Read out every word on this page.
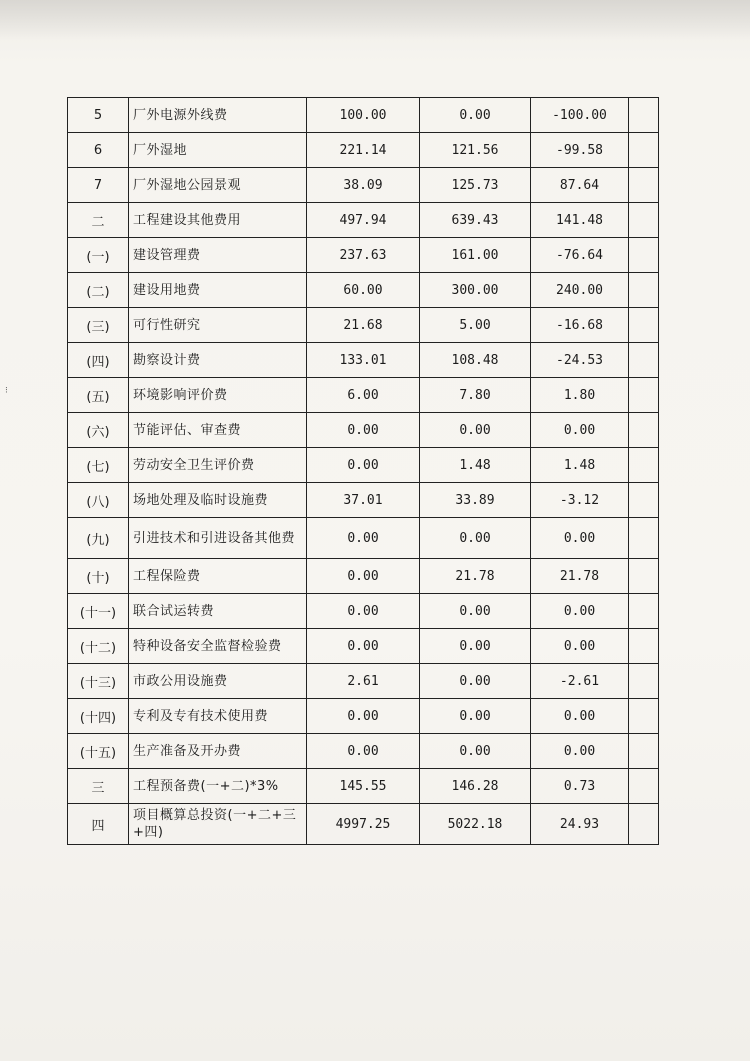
⁝
5	厂外电源外线费	100.00	0.00	-100.00	
6	厂外湿地	221.14	121.56	-99.58	
7	厂外湿地公园景观	38.09	125.73	87.64	
二	工程建设其他费用	497.94	639.43	141.48	
(一)	建设管理费	237.63	161.00	-76.64	
(二)	建设用地费	60.00	300.00	240.00	
(三)	可行性研究	21.68	5.00	-16.68	
(四)	勘察设计费	133.01	108.48	-24.53	
(五)	环境影响评价费	6.00	7.80	1.80	
(六)	节能评估、审查费	0.00	0.00	0.00	
(七)	劳动安全卫生评价费	0.00	1.48	1.48	
(八)	场地处理及临时设施费	37.01	33.89	-3.12	
(九)	引进技术和引进设备其他费	0.00	0.00	0.00	
(十)	工程保险费	0.00	21.78	21.78	
(十一)	联合试运转费	0.00	0.00	0.00	
(十二)	特种设备安全监督检验费	0.00	0.00	0.00	
(十三)	市政公用设施费	2.61	0.00	-2.61	
(十四)	专利及专有技术使用费	0.00	0.00	0.00	
(十五)	生产准备及开办费	0.00	0.00	0.00	
三	工程预备费(一+二)*3%	145.55	146.28	0.73	
四	项目概算总投资(一+二+三+四)	4997.25	5022.18	24.93	
